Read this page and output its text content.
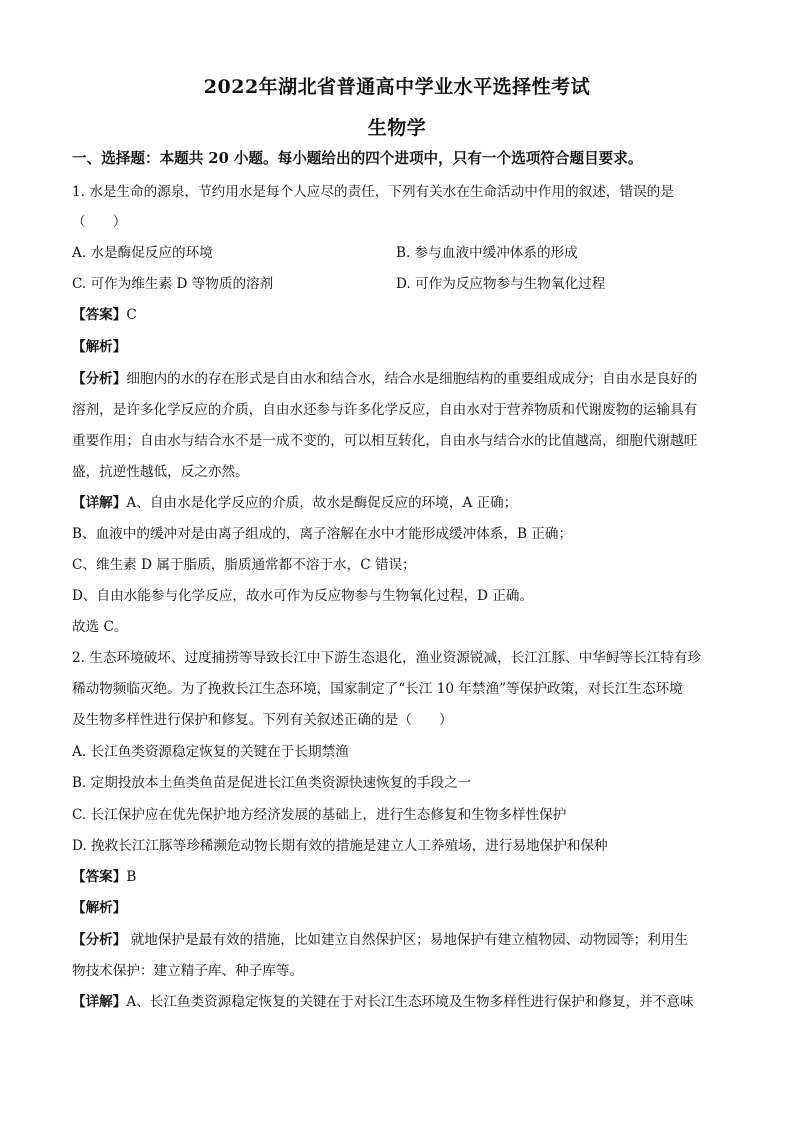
2022年湖北省普通高中学业水平选择性考试
生物学
一、选择题：本题共 20 小题。每小题给出的四个进项中，只有一个选项符合题目要求。
1. 水是生命的源泉，节约用水是每个人应尽的责任，下列有关水在生命活动中作用的叙述，错误的是
（　　）
A. 水是酶促反应的环境	B. 参与血液中缓冲体系的形成
C. 可作为维生素 D 等物质的溶剂	D. 可作为反应物参与生物氧化过程
【答案】C
【解析】
【分析】细胞内的水的存在形式是自由水和结合水，结合水是细胞结构的重要组成成分；自由水是良好的
溶剂，是许多化学反应的介质，自由水还参与许多化学反应，自由水对于营养物质和代谢废物的运输具有
重要作用；自由水与结合水不是一成不变的，可以相互转化，自由水与结合水的比值越高，细胞代谢越旺
盛，抗逆性越低，反之亦然。
【详解】A、自由水是化学反应的介质，故水是酶促反应的环境，A 正确；
B、血液中的缓冲对是由离子组成的，离子溶解在水中才能形成缓冲体系，B 正确；
C、维生素 D 属于脂质，脂质通常都不溶于水，C 错误；
D、自由水能参与化学反应，故水可作为反应物参与生物氧化过程，D 正确。
故选 C。
2. 生态环境破坏、过度捕捞等导致长江中下游生态退化，渔业资源锐减，长江江豚、中华鲟等长江特有珍
稀动物频临灭绝。为了挽救长江生态环境，国家制定了“长江 10 年禁渔”等保护政策，对长江生态环境
及生物多样性进行保护和修复。下列有关叙述正确的是（　　）
A. 长江鱼类资源稳定恢复的关键在于长期禁渔
B. 定期投放本土鱼类鱼苗是促进长江鱼类资源快速恢复的手段之一
C. 长江保护应在优先保护地方经济发展的基础上，进行生态修复和生物多样性保护
D. 挽救长江江豚等珍稀濒危动物长期有效的措施是建立人工养殖场，进行易地保护和保种
【答案】B
【解析】
【分析】 就地保护是最有效的措施，比如建立自然保护区；易地保护有建立植物园、动物园等；利用生
物技术保护：建立精子库、种子库等。
【详解】A、长江鱼类资源稳定恢复的关键在于对长江生态环境及生物多样性进行保护和修复，并不意味
